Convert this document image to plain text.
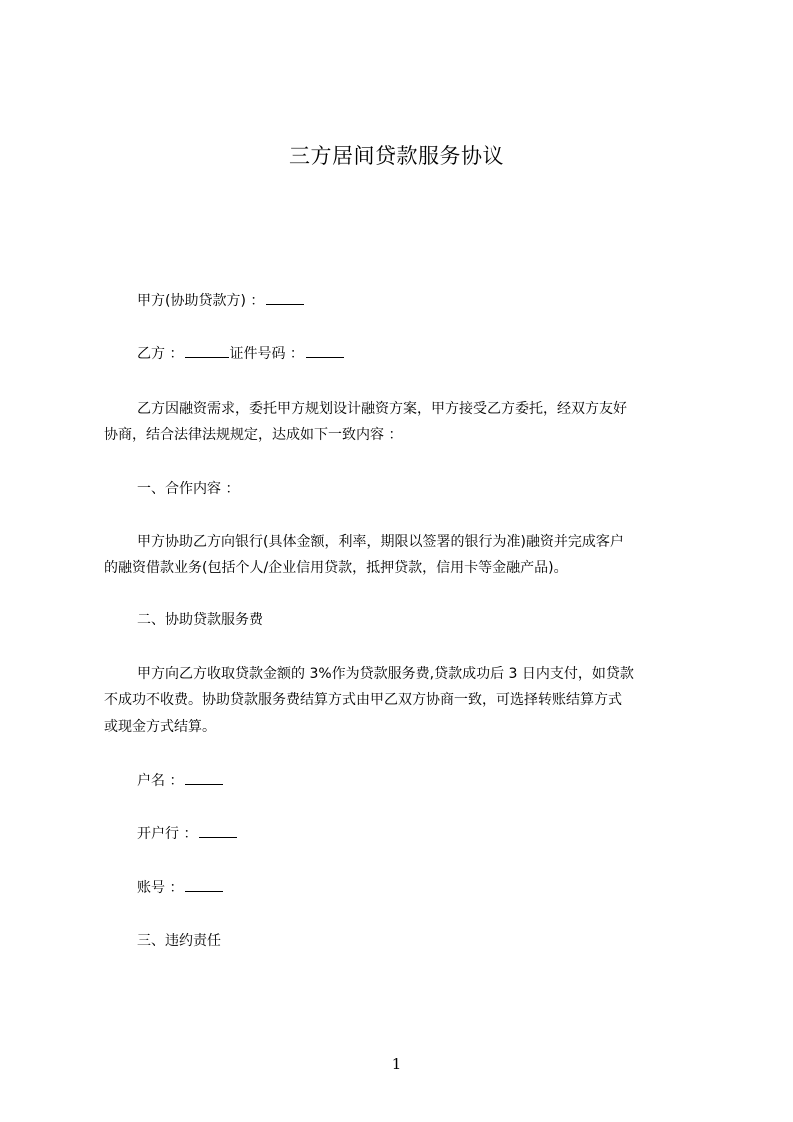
三方居间贷款服务协议
甲方(协助贷款方) ：
乙方 ：	证件号码 ：
乙方因融资需求，委托甲方规划设计融资方案，甲方接受乙方委托，经双方友好
协商，结合法律法规规定，达成如下一致内容 ：
一、合作内容 ：
甲方协助乙方向银行(具体金额，利率，期限以签署的银行为准)融资并完成客户
的融资借款业务(包括个人/企业信用贷款，抵押贷款，信用卡等金融产品)。
二、协助贷款服务费
甲方向乙方收取贷款金额的 3%作为贷款服务费,贷款成功后 3 日内支付，如贷款
不成功不收费。协助贷款服务费结算方式由甲乙双方协商一致，可选择转账结算方式
或现金方式结算。
户名 ：
开户行 ：
账号 ：
三、违约责任
1
